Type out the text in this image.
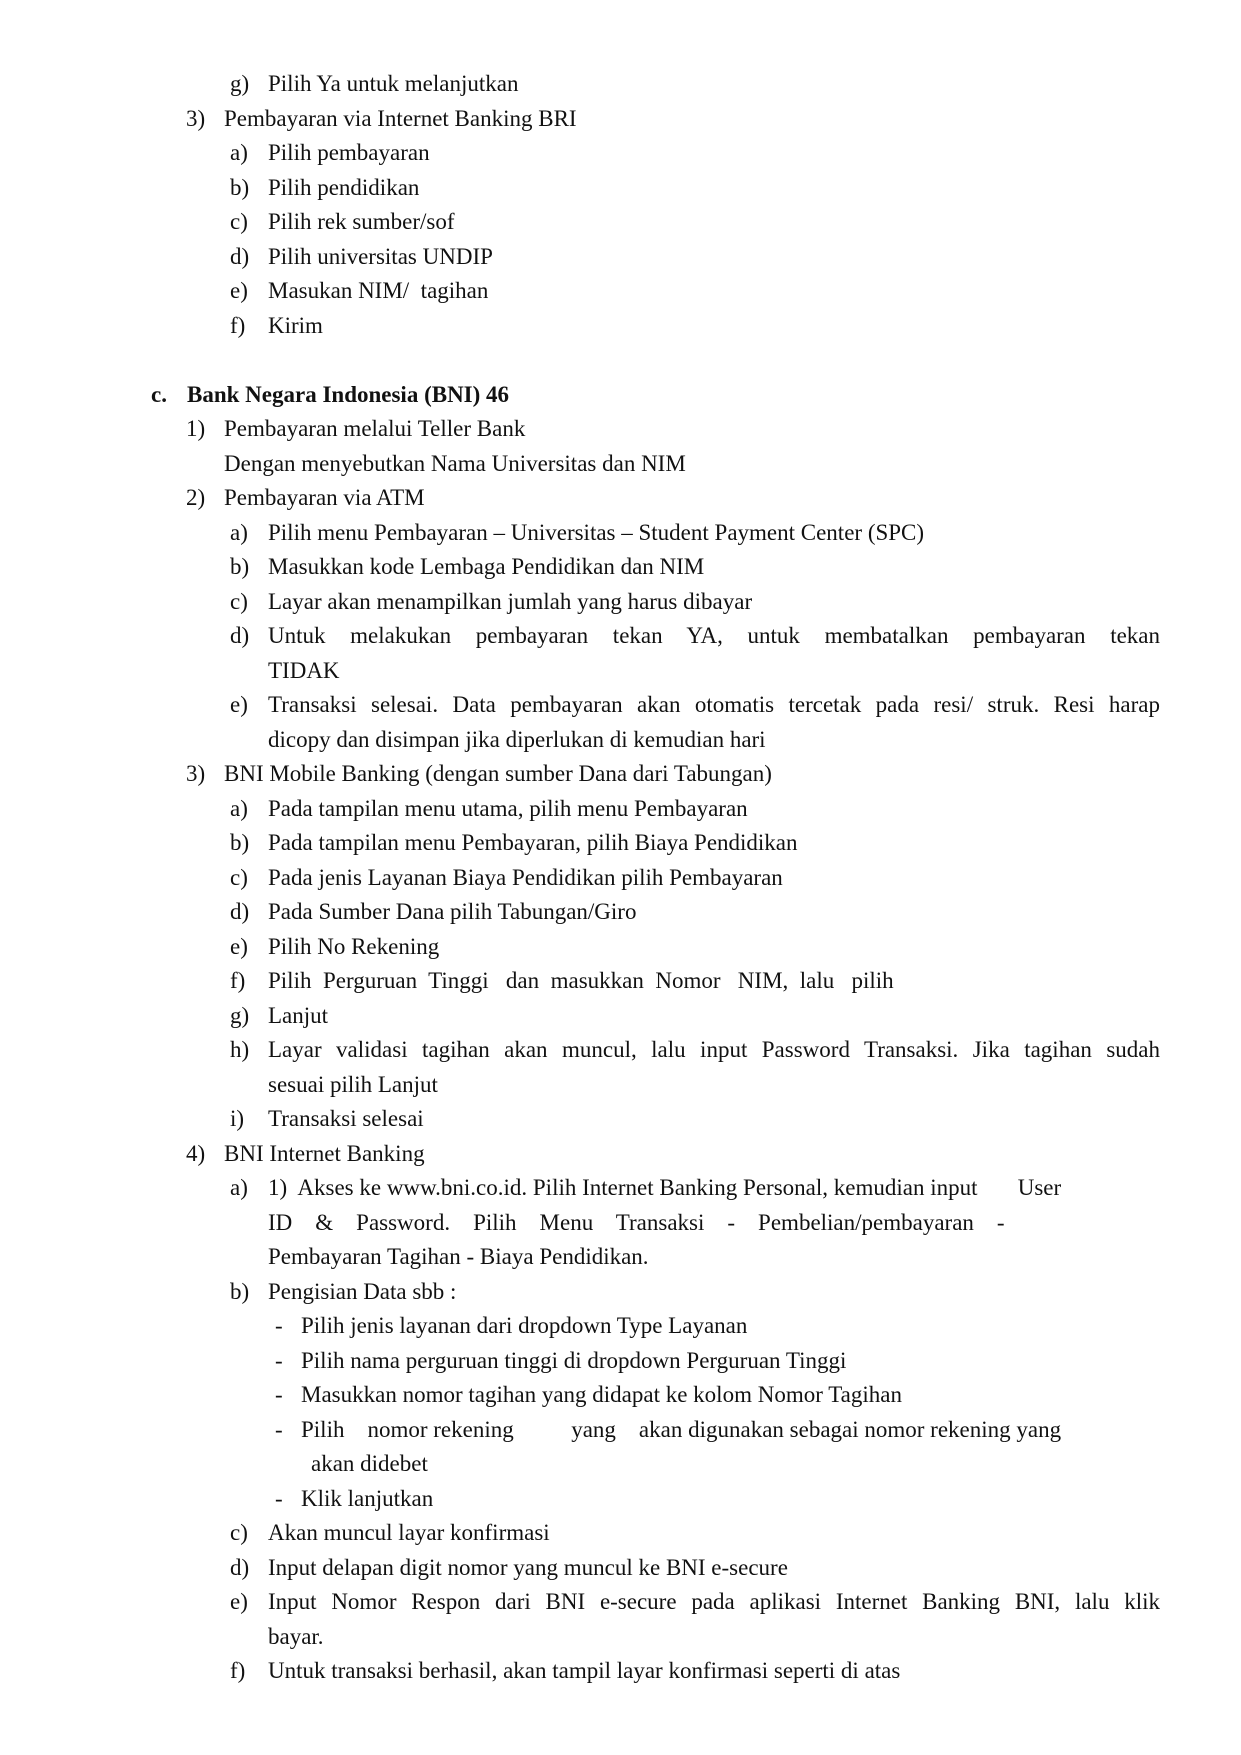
g) Pilih Ya untuk melanjutkan
3) Pembayaran via Internet Banking BRI
a) Pilih pembayaran
b) Pilih pendidikan
c) Pilih rek sumber/sof
d) Pilih universitas UNDIP
e) Masukan NIM/  tagihan
f) Kirim
c. Bank Negara Indonesia (BNI) 46
1) Pembayaran melalui Teller Bank
Dengan menyebutkan Nama Universitas dan NIM
2) Pembayaran via ATM
a) Pilih menu Pembayaran – Universitas – Student Payment Center (SPC)
b) Masukkan kode Lembaga Pendidikan dan NIM
c) Layar akan menampilkan jumlah yang harus dibayar
d) Untuk melakukan pembayaran tekan YA, untuk membatalkan pembayaran tekan
TIDAK
e) Transaksi selesai. Data pembayaran akan otomatis tercetak pada resi/ struk. Resi harap
dicopy dan disimpan jika diperlukan di kemudian hari
3) BNI Mobile Banking (dengan sumber Dana dari Tabungan)
a) Pada tampilan menu utama, pilih menu Pembayaran
b) Pada tampilan menu Pembayaran, pilih Biaya Pendidikan
c) Pada jenis Layanan Biaya Pendidikan pilih Pembayaran
d) Pada Sumber Dana pilih Tabungan/Giro
e) Pilih No Rekening
f) Pilih  Perguruan  Tinggi   dan  masukkan  Nomor   NIM,  lalu   pilih
g) Lanjut
h) Layar validasi tagihan akan muncul, lalu input Password Transaksi. Jika tagihan sudah
sesuai pilih Lanjut
i) Transaksi selesai
4) BNI Internet Banking
a) 1)  Akses ke www.bni.co.id. Pilih Internet Banking Personal, kemudian input       User
ID    &    Password.    Pilih    Menu    Transaksi    -    Pembelian/pembayaran    -
Pembayaran Tagihan - Biaya Pendidikan.
b) Pengisian Data sbb :
- Pilih jenis layanan dari dropdown Type Layanan
- Pilih nama perguruan tinggi di dropdown Perguruan Tinggi
- Masukkan nomor tagihan yang didapat ke kolom Nomor Tagihan
- Pilih    nomor rekening          yang    akan digunakan sebagai nomor rekening yang
akan didebet
- Klik lanjutkan
c) Akan muncul layar konfirmasi
d) Input delapan digit nomor yang muncul ke BNI e-secure
e) Input Nomor Respon dari BNI e-secure pada aplikasi Internet Banking BNI, lalu klik
bayar.
f) Untuk transaksi berhasil, akan tampil layar konfirmasi seperti di atas
